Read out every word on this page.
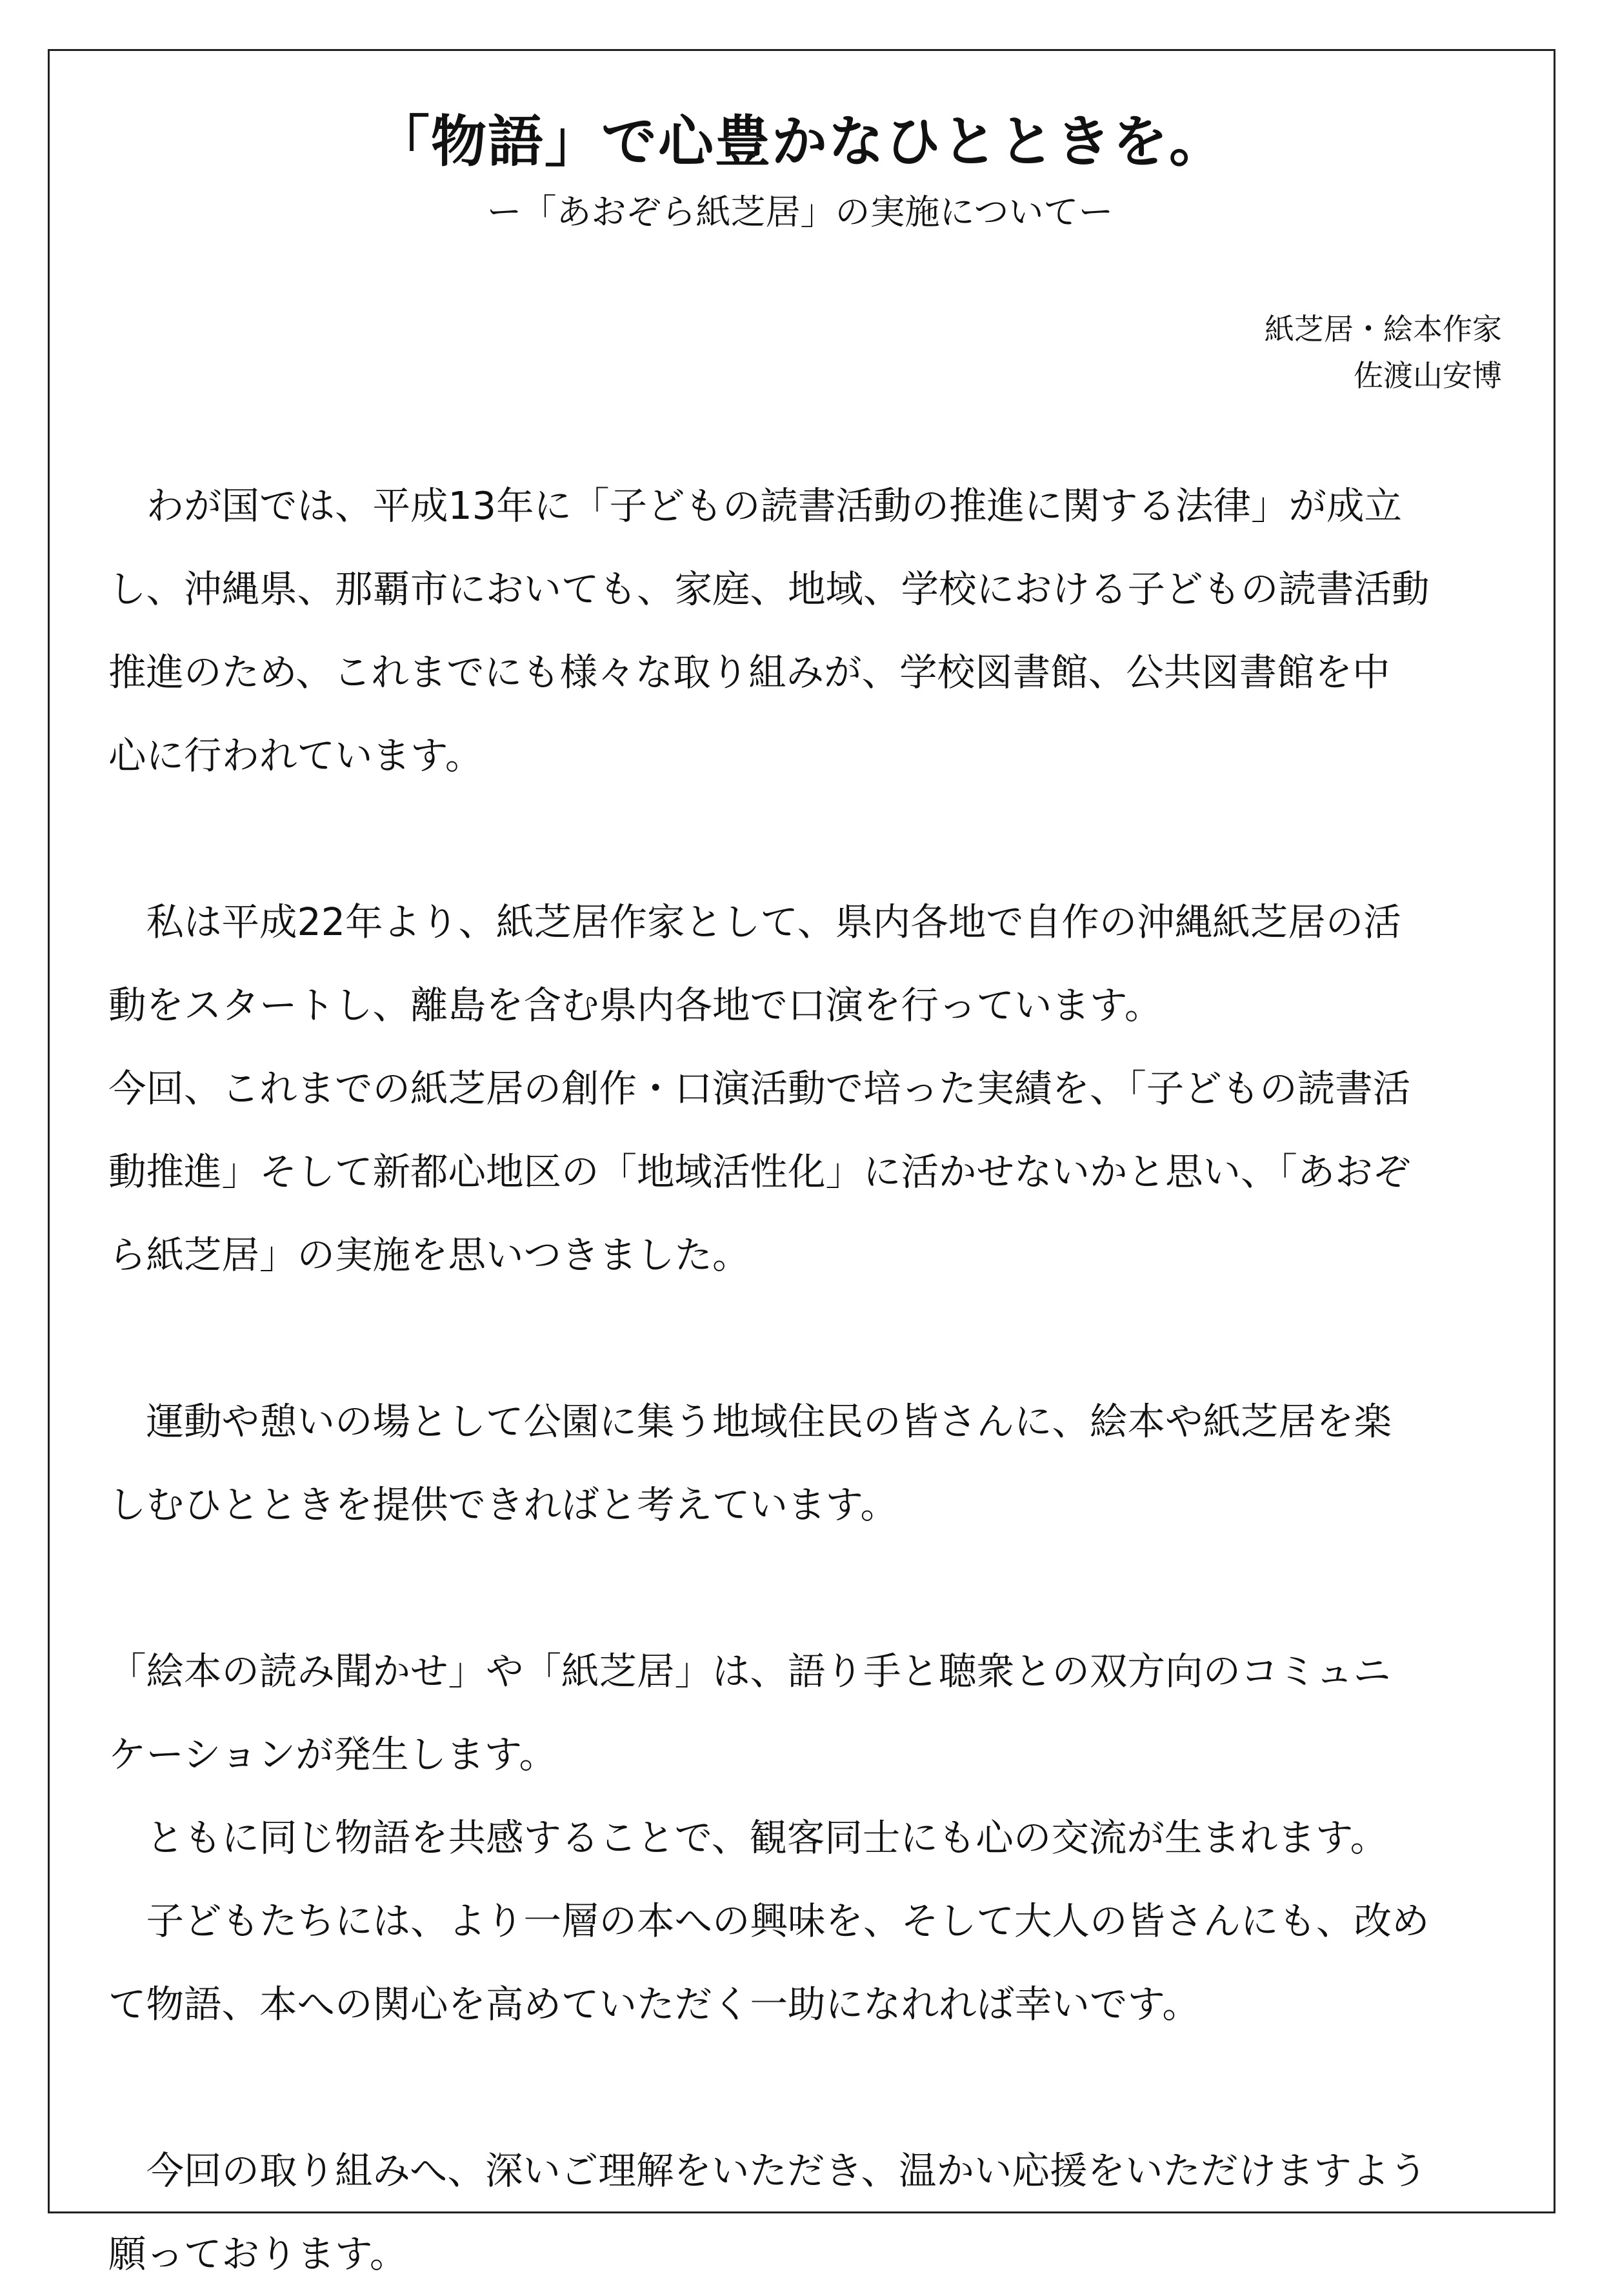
「物語」で心豊かなひとときを。
ー「あおぞら紙芝居」の実施についてー
紙芝居・絵本作家
佐渡山安博
　わが国では、平成13年に「子どもの読書活動の推進に関する法律」が成立
し、沖縄県、那覇市においても、家庭、地域、学校における子どもの読書活動
推進のため、これまでにも様々な取り組みが、学校図書館、公共図書館を中
心に行われています。
　私は平成22年より、紙芝居作家として、県内各地で自作の沖縄紙芝居の活
動をスタートし、離島を含む県内各地で口演を行っています。
今回、これまでの紙芝居の創作・口演活動で培った実績を、「子どもの読書活
動推進」そして新都心地区の「地域活性化」に活かせないかと思い、「あおぞ
ら紙芝居」の実施を思いつきました。
　運動や憩いの場として公園に集う地域住民の皆さんに、絵本や紙芝居を楽
しむひとときを提供できればと考えています。
「絵本の読み聞かせ」や「紙芝居」は、語り手と聴衆との双方向のコミュニ
ケーションが発生します。
　ともに同じ物語を共感することで、観客同士にも心の交流が生まれます。
　子どもたちには、より一層の本への興味を、そして大人の皆さんにも、改め
て物語、本への関心を高めていただく一助になれれば幸いです。
　今回の取り組みへ、深いご理解をいただき、温かい応援をいただけますよう
願っております。
